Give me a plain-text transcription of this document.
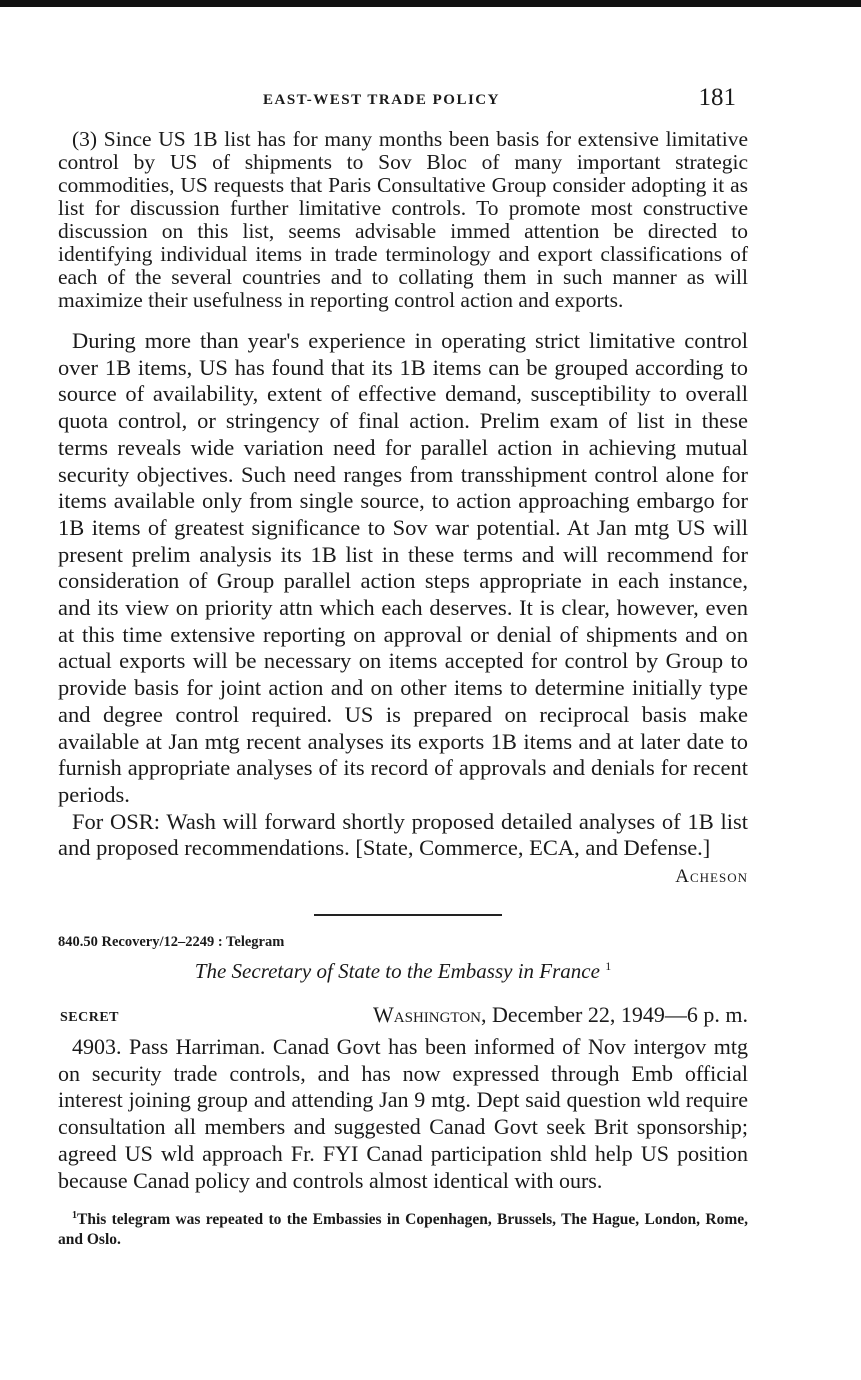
EAST-WEST TRADE POLICY	181

(3) Since US 1B list has for many months been basis for extensive limitative control by US of shipments to Sov Bloc of many important strategic commodities, US requests that Paris Consultative Group consider adopting it as list for discussion further limitative controls. To promote most constructive discussion on this list, seems advisable immed attention be directed to identifying individual items in trade terminology and export classifications of each of the several countries and to collating them in such manner as will maximize their usefulness in reporting control action and exports.

During more than year's experience in operating strict limitative control over 1B items, US has found that its 1B items can be grouped according to source of availability, extent of effective demand, susceptibility to overall quota control, or stringency of final action. Prelim exam of list in these terms reveals wide variation need for parallel action in achieving mutual security objectives. Such need ranges from transshipment control alone for items available only from single source, to action approaching embargo for 1B items of greatest significance to Sov war potential. At Jan mtg US will present prelim analysis its 1B list in these terms and will recommend for consideration of Group parallel action steps appropriate in each instance, and its view on priority attn which each deserves. It is clear, however, even at this time extensive reporting on approval or denial of shipments and on actual exports will be necessary on items accepted for control by Group to provide basis for joint action and on other items to determine initially type and degree control required. US is prepared on reciprocal basis make available at Jan mtg recent analyses its exports 1B items and at later date to furnish appropriate analyses of its record of approvals and denials for recent periods.

For OSR: Wash will forward shortly proposed detailed analyses of 1B list and proposed recommendations. [State, Commerce, ECA, and Defense.]

Acheson
840.50 Recovery/12–2249 : Telegram
The Secretary of State to the Embassy in France $^1$
SECRET	Washington, December 22, 1949—6 p. m.

4903. Pass Harriman. Canad Govt has been informed of Nov intergov mtg on security trade controls, and has now expressed through Emb official interest joining group and attending Jan 9 mtg. Dept said question wld require consultation all members and suggested Canad Govt seek Brit sponsorship; agreed US wld approach Fr. FYI Canad participation shld help US position because Canad policy and controls almost identical with ours.

$^1$This telegram was repeated to the Embassies in Copenhagen, Brussels, The Hague, London, Rome, and Oslo.
